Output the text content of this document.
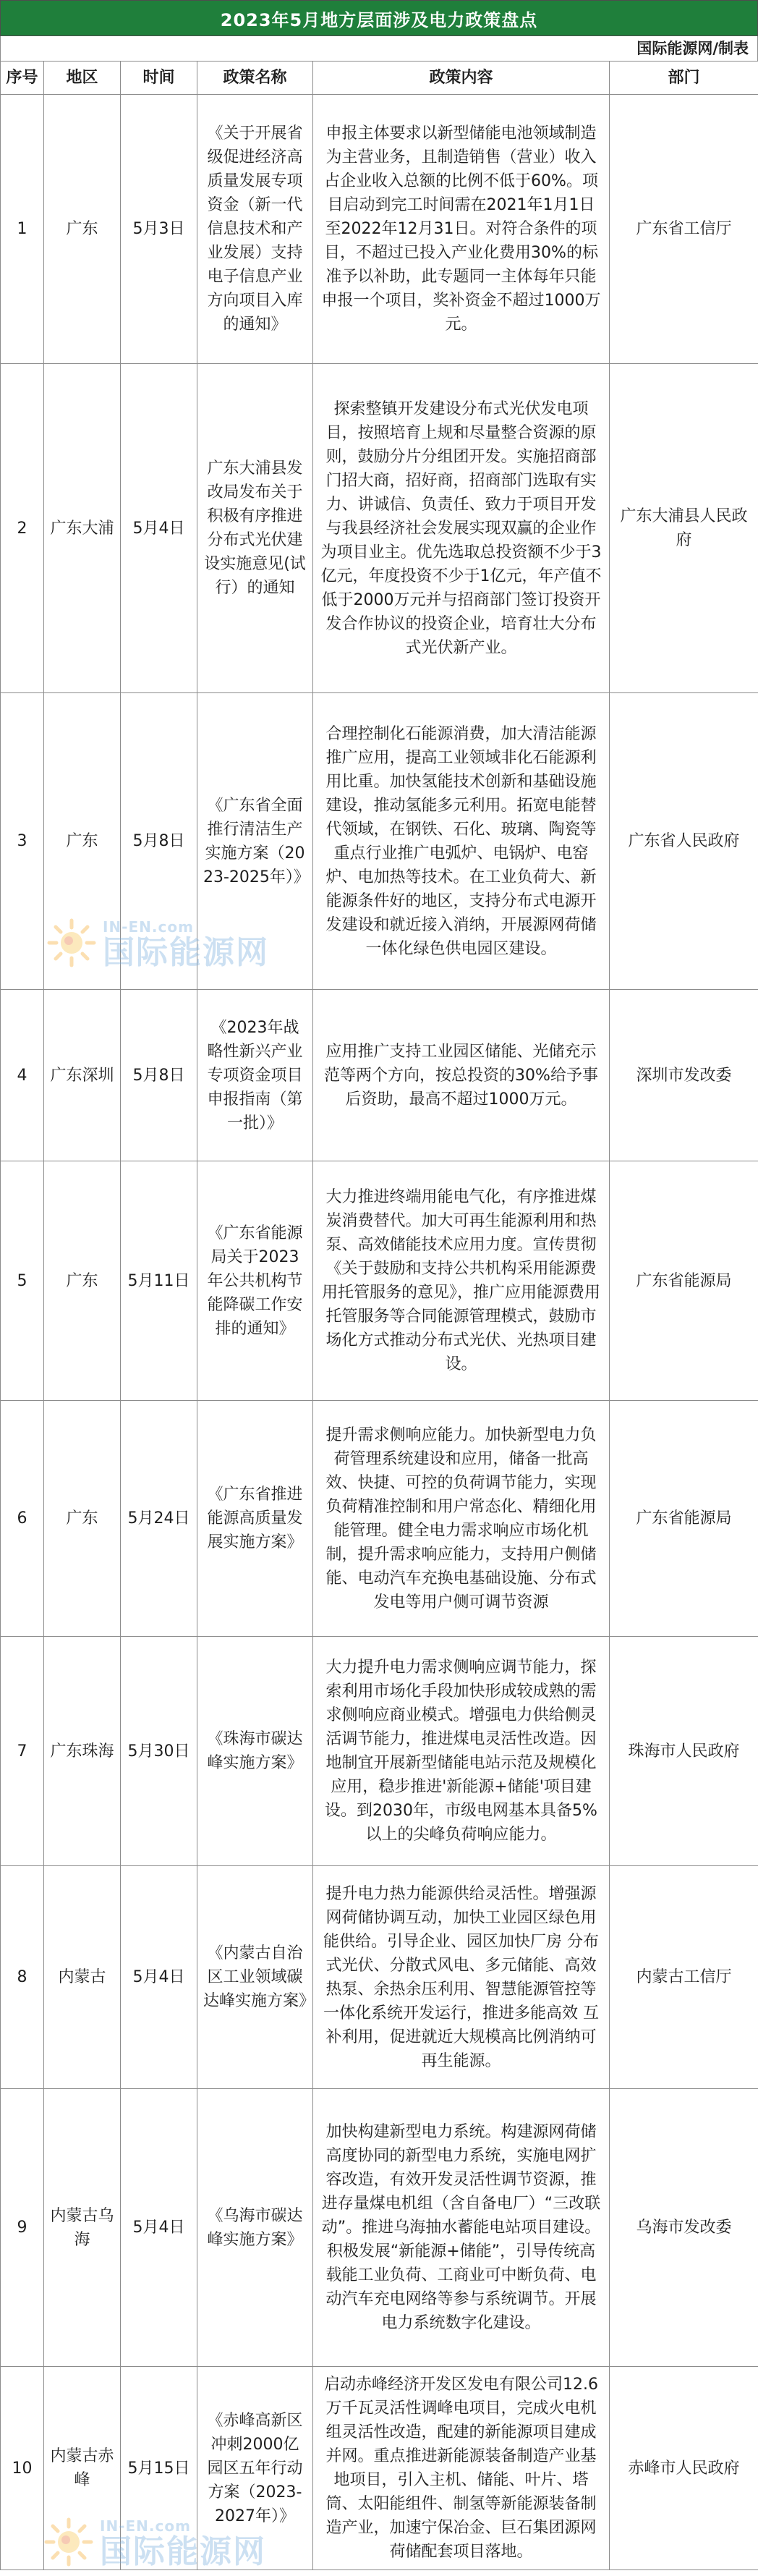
2023年5月地方层面涉及电力政策盘点
国际能源网/制表
序号	地区	时间	政策名称	政策内容	部门
1	广东	5月3日	《关于开展省级促进经济高质量发展专项资金（新一代信息技术和产业发展）支持电子信息产业方向项目入库的通知》	申报主体要求以新型储能电池领域制造为主营业务，且制造销售（营业）收入占企业收入总额的比例不低于60%。项目启动到完工时间需在2021年1月1日至2022年12月31日。对符合条件的项目，不超过已投入产业化费用30%的标准予以补助，此专题同一主体每年只能申报一个项目，奖补资金不超过1000万元。	广东省工信厅
2	广东大浦	5月4日	广东大浦县发改局发布关于积极有序推进分布式光伏建设实施意见(试行）的通知	探索整镇开发建设分布式光伏发电项目，按照培育上规和尽量整合资源的原则，鼓励分片分组团开发。实施招商部门招大商，招好商，招商部门选取有实力、讲诚信、负责任、致力于项目开发与我县经济社会发展实现双赢的企业作为项目业主。优先选取总投资额不少于3亿元，年度投资不少于1亿元，年产值不低于2000万元并与招商部门签订投资开发合作协议的投资企业，培育壮大分布式光伏新产业。	广东大浦县人民政府
3	广东	5月8日	《广东省全面推行清洁生产实施方案（2023-2025年）》	合理控制化石能源消费，加大清洁能源推广应用，提高工业领域非化石能源利用比重。加快氢能技术创新和基础设施建设，推动氢能多元利用。拓宽电能替代领域，在钢铁、石化、玻璃、陶瓷等重点行业推广电弧炉、电锅炉、电窑炉、电加热等技术。在工业负荷大、新能源条件好的地区，支持分布式电源开发建设和就近接入消纳，开展源网荷储一体化绿色供电园区建设。	广东省人民政府
4	广东深圳	5月8日	《2023年战略性新兴产业专项资金项目申报指南（第一批）》	应用推广支持工业园区储能、光储充示范等两个方向，按总投资的30%给予事后资助，最高不超过1000万元。	深圳市发改委
5	广东	5月11日	《广东省能源局关于2023年公共机构节能降碳工作安排的通知》	大力推进终端用能电气化，有序推进煤炭消费替代。加大可再生能源利用和热泵、高效储能技术应用力度。宣传贯彻《关于鼓励和支持公共机构采用能源费用托管服务的意见》，推广应用能源费用托管服务等合同能源管理模式，鼓励市场化方式推动分布式光伏、光热项目建设。	广东省能源局
6	广东	5月24日	《广东省推进能源高质量发展实施方案》	提升需求侧响应能力。加快新型电力负荷管理系统建设和应用，储备一批高效、快捷、可控的负荷调节能力，实现负荷精准控制和用户常态化、精细化用能管理。健全电力需求响应市场化机制，提升需求响应能力，支持用户侧储能、电动汽车充换电基础设施、分布式发电等用户侧可调节资源	广东省能源局
7	广东珠海	5月30日	《珠海市碳达峰实施方案》	大力提升电力需求侧响应调节能力，探索利用市场化手段加快形成较成熟的需求侧响应商业模式。增强电力供给侧灵活调节能力，推进煤电灵活性改造。因地制宜开展新型储能电站示范及规模化应用，稳步推进'新能源+储能'项目建设。到2030年，市级电网基本具备5%以上的尖峰负荷响应能力。	珠海市人民政府
8	内蒙古	5月4日	《内蒙古自治区工业领域碳达峰实施方案》	提升电力热力能源供给灵活性。增强源网荷储协调互动，加快工业园区绿色用能供给。引导企业、园区加快厂房 分布式光伏、分散式风电、多元储能、高效热泵、余热余压利用、智慧能源管控等一体化系统开发运行，推进多能高效 互补利用，促进就近大规模高比例消纳可再生能源。	内蒙古工信厅
9	内蒙古乌海	5月4日	《乌海市碳达峰实施方案》	加快构建新型电力系统。构建源网荷储高度协同的新型电力系统，实施电网扩容改造，有效开发灵活性调节资源，推进存量煤电机组（含自备电厂）“三改联动”。推进乌海抽水蓄能电站项目建设。积极发展“新能源+储能”，引导传统高载能工业负荷、工商业可中断负荷、电动汽车充电网络等参与系统调节。开展电力系统数字化建设。	乌海市发改委
10	内蒙古赤峰	5月15日	《赤峰高新区冲刺2000亿园区五年行动方案（2023-2027年）》	启动赤峰经济开发区发电有限公司12.6万千瓦灵活性调峰电项目，完成火电机组灵活性改造，配建的新能源项目建成并网。重点推进新能源装备制造产业基地项目，引入主机、储能、叶片、塔筒、太阳能组件、制氢等新能源装备制造产业，加速宁保冶金、巨石集团源网荷储配套项目落地。	赤峰市人民政府
IN-EN.com
国际能源网
IN-EN.com
国际能源网
